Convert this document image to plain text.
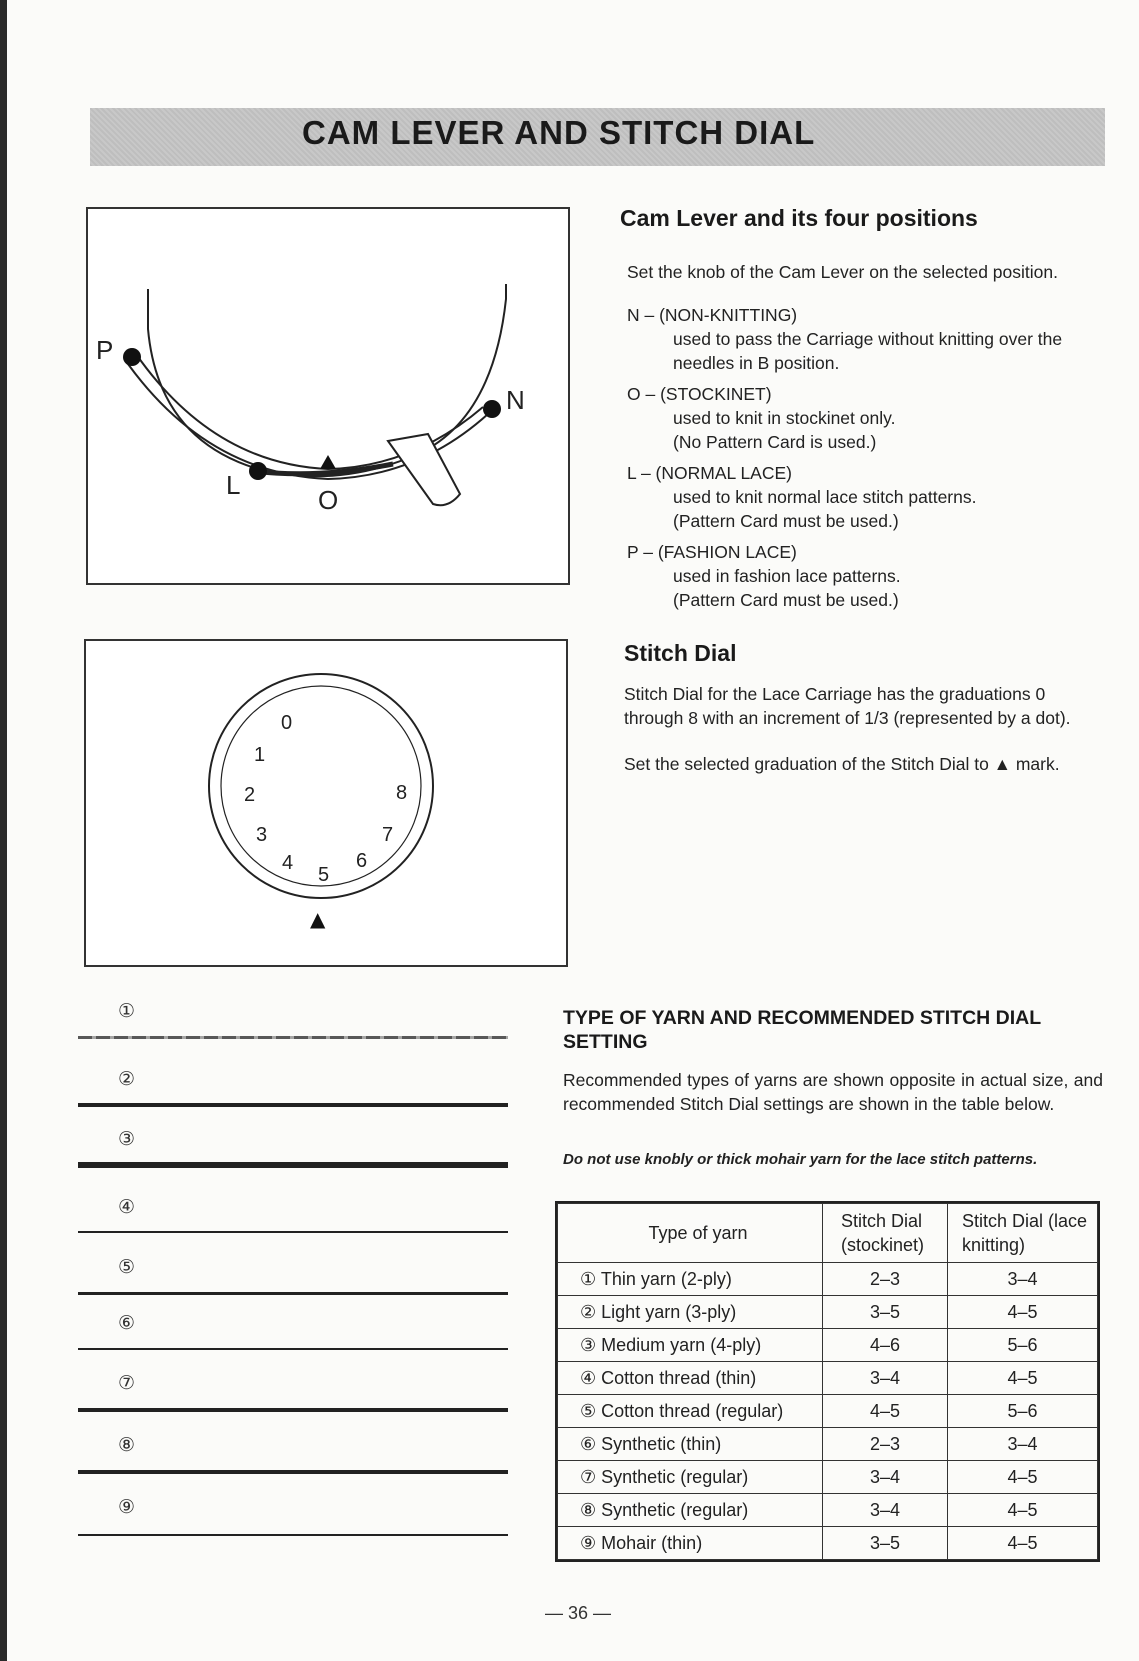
CAM LEVER AND STITCH DIAL
P
N
L	O
0
1
2
3
4
5
6
7
8
▲
Cam Lever and its four positions
Set the knob of the Cam Lever on the selected position.
N – (NON-KNITTING)
used to pass the Carriage without knitting over the
needles in B position.
O – (STOCKINET)
used to knit in stockinet only.
(No Pattern Card is used.)
L – (NORMAL LACE)
used to knit normal lace stitch patterns.
(Pattern Card must be used.)
P – (FASHION LACE)
used in fashion lace patterns.
(Pattern Card must be used.)
Stitch Dial
Stitch Dial for the Lace Carriage has the graduations 0
through 8 with an increment of 1/3 (represented by a dot).
Set the selected graduation of the Stitch Dial to ▲ mark.
TYPE OF YARN AND RECOMMENDED STITCH DIAL SETTING
Recommended types of yarns are shown opposite in actual size, and recommended Stitch Dial settings are shown in the table below.
Do not use knobly or thick mohair yarn for the lace stitch patterns.
Type of yarn	Stitch Dial (stockinet)	Stitch Dial (lace knitting)
① Thin yarn (2-ply)	2–3	3–4
② Light yarn (3-ply)	3–5	4–5
③ Medium yarn (4-ply)	4–6	5–6
④ Cotton thread (thin)	3–4	4–5
⑤ Cotton thread (regular)	4–5	5–6
⑥ Synthetic (thin)	2–3	3–4
⑦ Synthetic (regular)	3–4	4–5
⑧ Synthetic (regular)	3–4	4–5
⑨ Mohair (thin)	3–5	4–5
①
②
③
④
⑤
⑥
⑦
⑧
⑨
— 36 —
